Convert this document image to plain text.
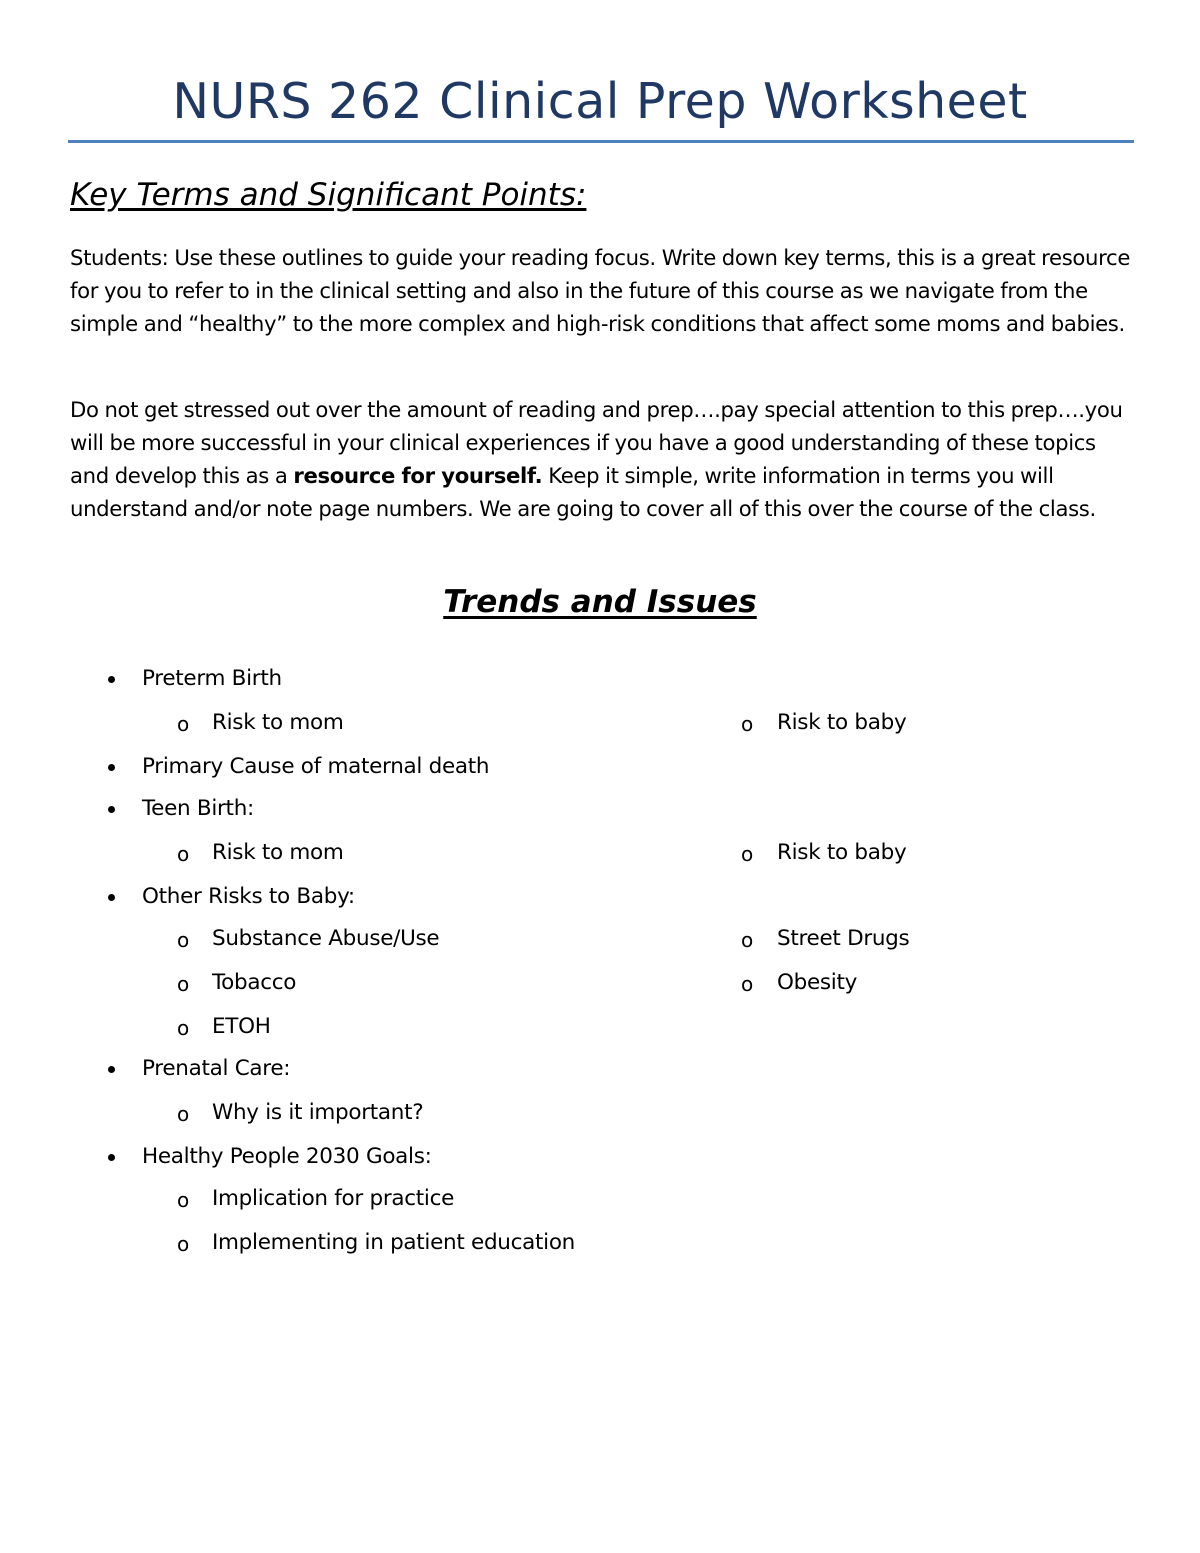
NURS 262 Clinical Prep Worksheet
Key Terms and Significant Points:
Students: Use these outlines to guide your reading focus. Write down key terms, this is a great resource for you to refer to in the clinical setting and also in the future of this course as we navigate from the simple and “healthy” to the more complex and high-risk conditions that affect some moms and babies.
Do not get stressed out over the amount of reading and prep….pay special attention to this prep….you will be more successful in your clinical experiences if you have a good understanding of these topics and develop this as a resource for yourself. Keep it simple, write information in terms you will understand and/or note page numbers. We are going to cover all of this over the course of the class.
Trends and Issues
Preterm Birth
o Risk to mom	o Risk to baby
Primary Cause of maternal death
Teen Birth:
o Risk to mom	o Risk to baby
Other Risks to Baby:
o Substance Abuse/Use	o Street Drugs
o Tobacco	o Obesity
o ETOH
Prenatal Care:
o Why is it important?
Healthy People 2030 Goals:
o Implication for practice
o Implementing in patient education
